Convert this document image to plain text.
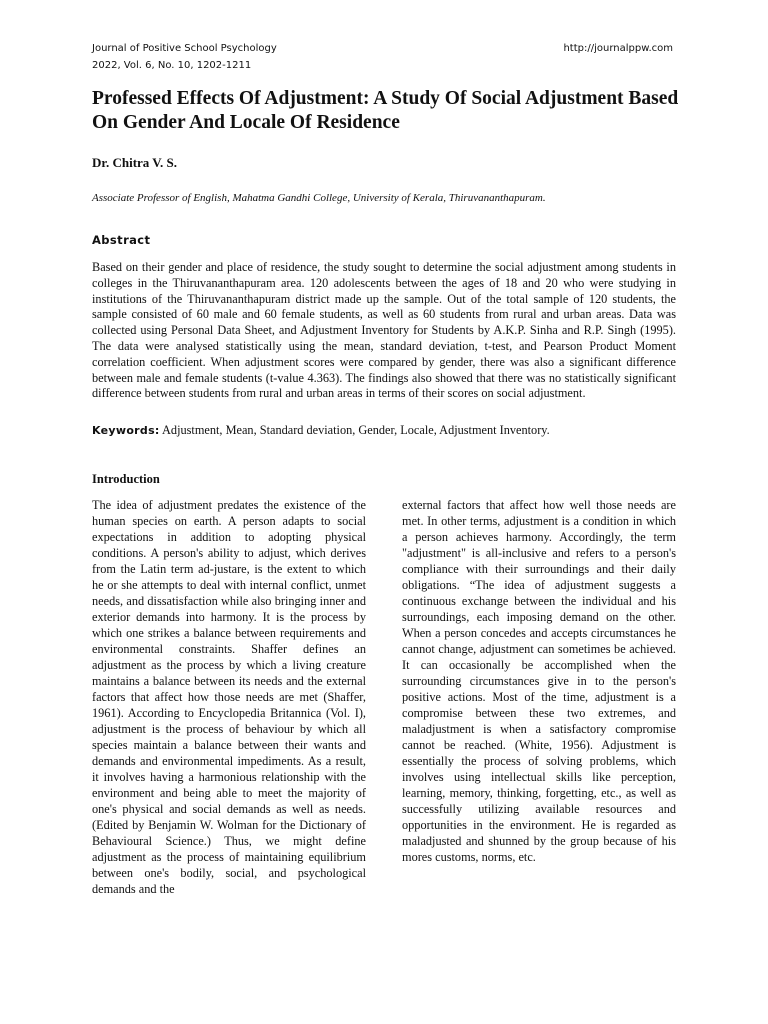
Journal of Positive School Psychology
2022, Vol. 6, No. 10, 1202-1211
http://journalppw.com
Professed Effects Of Adjustment: A Study Of Social Adjustment Based On Gender And Locale Of Residence
Dr. Chitra V. S.
Associate Professor of English, Mahatma Gandhi College, University of Kerala, Thiruvananthapuram.
Abstract
Based on their gender and place of residence, the study sought to determine the social adjustment among students in colleges in the Thiruvananthapuram area. 120 adolescents between the ages of 18 and 20 who were studying in institutions of the Thiruvananthapuram district made up the sample. Out of the total sample of 120 students, the sample consisted of 60 male and 60 female students, as well as 60 students from rural and urban areas. Data was collected using Personal Data Sheet, and Adjustment Inventory for Students by A.K.P. Sinha and R.P. Singh (1995). The data were analysed statistically using the mean, standard deviation, t-test, and Pearson Product Moment correlation coefficient. When adjustment scores were compared by gender, there was also a significant difference between male and female students (t-value 4.363). The findings also showed that there was no statistically significant difference between students from rural and urban areas in terms of their scores on social adjustment.
Keywords: Adjustment, Mean, Standard deviation, Gender, Locale, Adjustment Inventory.
Introduction
The idea of adjustment predates the existence of the human species on earth. A person adapts to social expectations in addition to adopting physical conditions. A person's ability to adjust, which derives from the Latin term ad-justare, is the extent to which he or she attempts to deal with internal conflict, unmet needs, and dissatisfaction while also bringing inner and exterior demands into harmony. It is the process by which one strikes a balance between requirements and environmental constraints. Shaffer defines an adjustment as the process by which a living creature maintains a balance between its needs and the external factors that affect how those needs are met (Shaffer, 1961). According to Encyclopedia Britannica (Vol. I), adjustment is the process of behaviour by which all species maintain a balance between their wants and demands and environmental impediments. As a result, it involves having a harmonious relationship with the environment and being able to meet the majority of one's physical and social demands as well as needs. (Edited by Benjamin W. Wolman for the Dictionary of Behavioural Science.) Thus, we might define adjustment as the process of maintaining equilibrium between one's bodily, social, and psychological demands and the
external factors that affect how well those needs are met. In other terms, adjustment is a condition in which a person achieves harmony. Accordingly, the term "adjustment" is all-inclusive and refers to a person's compliance with their surroundings and their daily obligations. “The idea of adjustment suggests a continuous exchange between the individual and his surroundings, each imposing demand on the other. When a person concedes and accepts circumstances he cannot change, adjustment can sometimes be achieved. It can occasionally be accomplished when the surrounding circumstances give in to the person's positive actions. Most of the time, adjustment is a compromise between these two extremes, and maladjustment is when a satisfactory compromise cannot be reached. (White, 1956). Adjustment is essentially the process of solving problems, which involves using intellectual skills like perception, learning, memory, thinking, forgetting, etc., as well as successfully utilizing available resources and opportunities in the environment. He is regarded as maladjusted and shunned by the group because of his mores customs, norms, etc.
